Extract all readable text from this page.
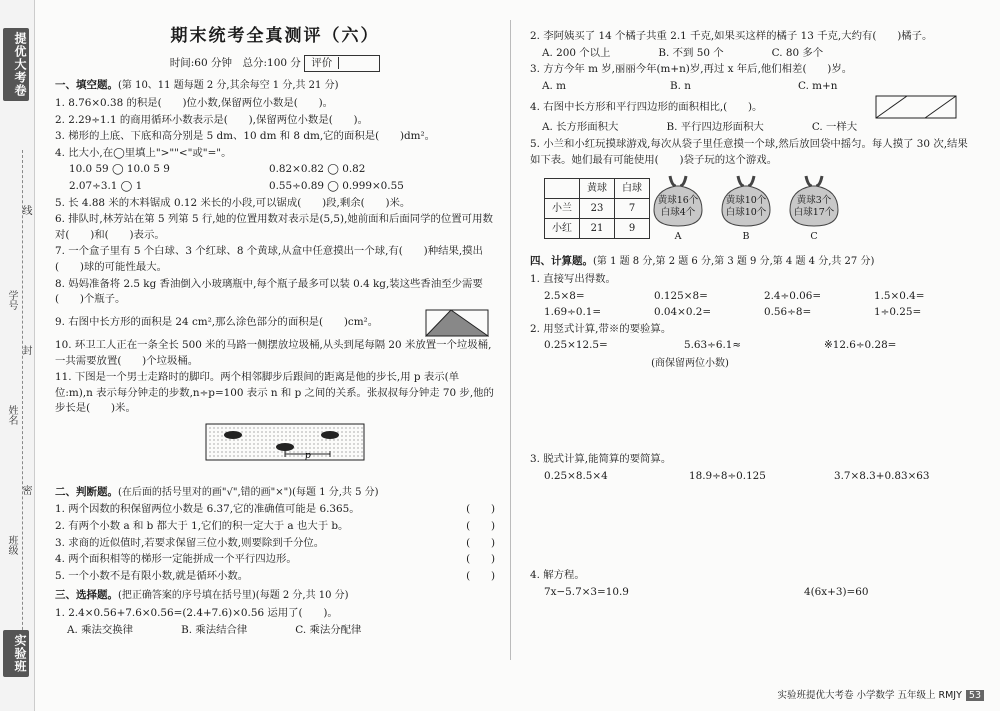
提优大考卷
线
学号
封
姓名
密
班级
实验班
期末统考全真测评（六）
时间:60 分钟　总分:100 分 评价
一、填空题。(第 10、11 题每题 2 分,其余每空 1 分,共 21 分)
1. 8.76×0.38 的积是(　　)位小数,保留两位小数是(　　)。
2. 2.29÷1.1 的商用循环小数表示是(　　),保留两位小数是(　　)。
3. 梯形的上底、下底和高分别是 5 dm、10 dm 和 8 dm,它的面积是(　　)dm²。
4. 比大小,在◯里填上">""<"或"="。
10.0 5̇9 ◯ 10.0 5̇ 9̇	0.82×0.82 ◯ 0.82
2.07÷3.1 ◯ 1	0.55÷0.89 ◯ 0.999×0.55
5. 长 4.88 米的木料锯成 0.12 米长的小段,可以锯成(　　)段,剩余(　　)米。
6. 排队时,林芳站在第 5 列第 5 行,她的位置用数对表示是(5,5),她前面和后面同学的位置可用数对(　　)和(　　)表示。
7. 一个盒子里有 5 个白球、3 个红球、8 个黄球,从盒中任意摸出一个球,有(　　)种结果,摸出(　　)球的可能性最大。
8. 妈妈准备将 2.5 kg 香油倒入小玻璃瓶中,每个瓶子最多可以装 0.4 kg,装这些香油至少需要(　　)个瓶子。
9. 右图中长方形的面积是 24 cm²,那么涂色部分的面积是(　　)cm²。
10. 环卫工人正在一条全长 500 米的马路一侧摆放垃圾桶,从头到尾每隔 20 米放置一个垃圾桶,一共需要放置(　　)个垃圾桶。
11. 下图是一个男士走路时的脚印。两个相邻脚步后跟间的距离是他的步长,用 p 表示(单位:m),n 表示每分钟走的步数,n÷p=100 表示 n 和 p 之间的关系。张叔叔每分钟走 70 步,他的步长是(　　)米。
p
二、判断题。(在后面的括号里对的画"√",错的画"×")(每题 1 分,共 5 分)
1. 两个因数的积保留两位小数是 6.37,它的准确值可能是 6.365。	(　　)
2. 有两个小数 a 和 b 都大于 1,它们的积一定大于 a 也大于 b。	(　　)
3. 求商的近似值时,若要求保留三位小数,则要除到千分位。	(　　)
4. 两个面积相等的梯形一定能拼成一个平行四边形。	(　　)
5. 一个小数不是有限小数,就是循环小数。	(　　)
三、选择题。(把正确答案的序号填在括号里)(每题 2 分,共 10 分)
1. 2.4×0.56+7.6×0.56=(2.4+7.6)×0.56 运用了(　　)。
A. 乘法交换律	B. 乘法结合律	C. 乘法分配律
2. 李阿姨买了 14 个橘子共重 2.1 千克,如果买这样的橘子 13 千克,大约有(　　)橘子。
A. 200 个以上	B. 不到 50 个	C. 80 多个
3. 方方今年 m 岁,丽丽今年(m+n)岁,再过 x 年后,他们相差(　　)岁。
A. m	B. n	C. m+n
4. 右图中长方形和平行四边形的面积相比,(　　)。
A. 长方形面积大	B. 平行四边形面积大	C. 一样大
5. 小兰和小红玩摸球游戏,每次从袋子里任意摸一个球,然后放回袋中摇匀。每人摸了 30 次,结果如下表。她们最有可能使用(　　)袋子玩的这个游戏。
	黄球	白球
小兰	23	7
小红	21	9
黄球16个
白球4个
A
黄球10个
白球10个
B
黄球3个
白球17个
C
四、计算题。(第 1 题 8 分,第 2 题 6 分,第 3 题 9 分,第 4 题 4 分,共 27 分)
1. 直接写出得数。
2.5×8=	0.125×8=	2.4÷0.06=	1.5×0.4=
1.69÷0.1=	0.04×0.2=	0.56÷8=	1÷0.25=
2. 用竖式计算,带※的要验算。
0.25×12.5=	5.63÷6.1≈	※12.6÷0.28=
(商保留两位小数)
3. 脱式计算,能简算的要简算。
0.25×8.5×4	18.9÷8÷0.125	3.7×8.3+0.83×63
4. 解方程。
7x−5.7×3=10.9	4(6x+3)=60
实验班提优大考卷 小学数学 五年级上 RMJY 53
